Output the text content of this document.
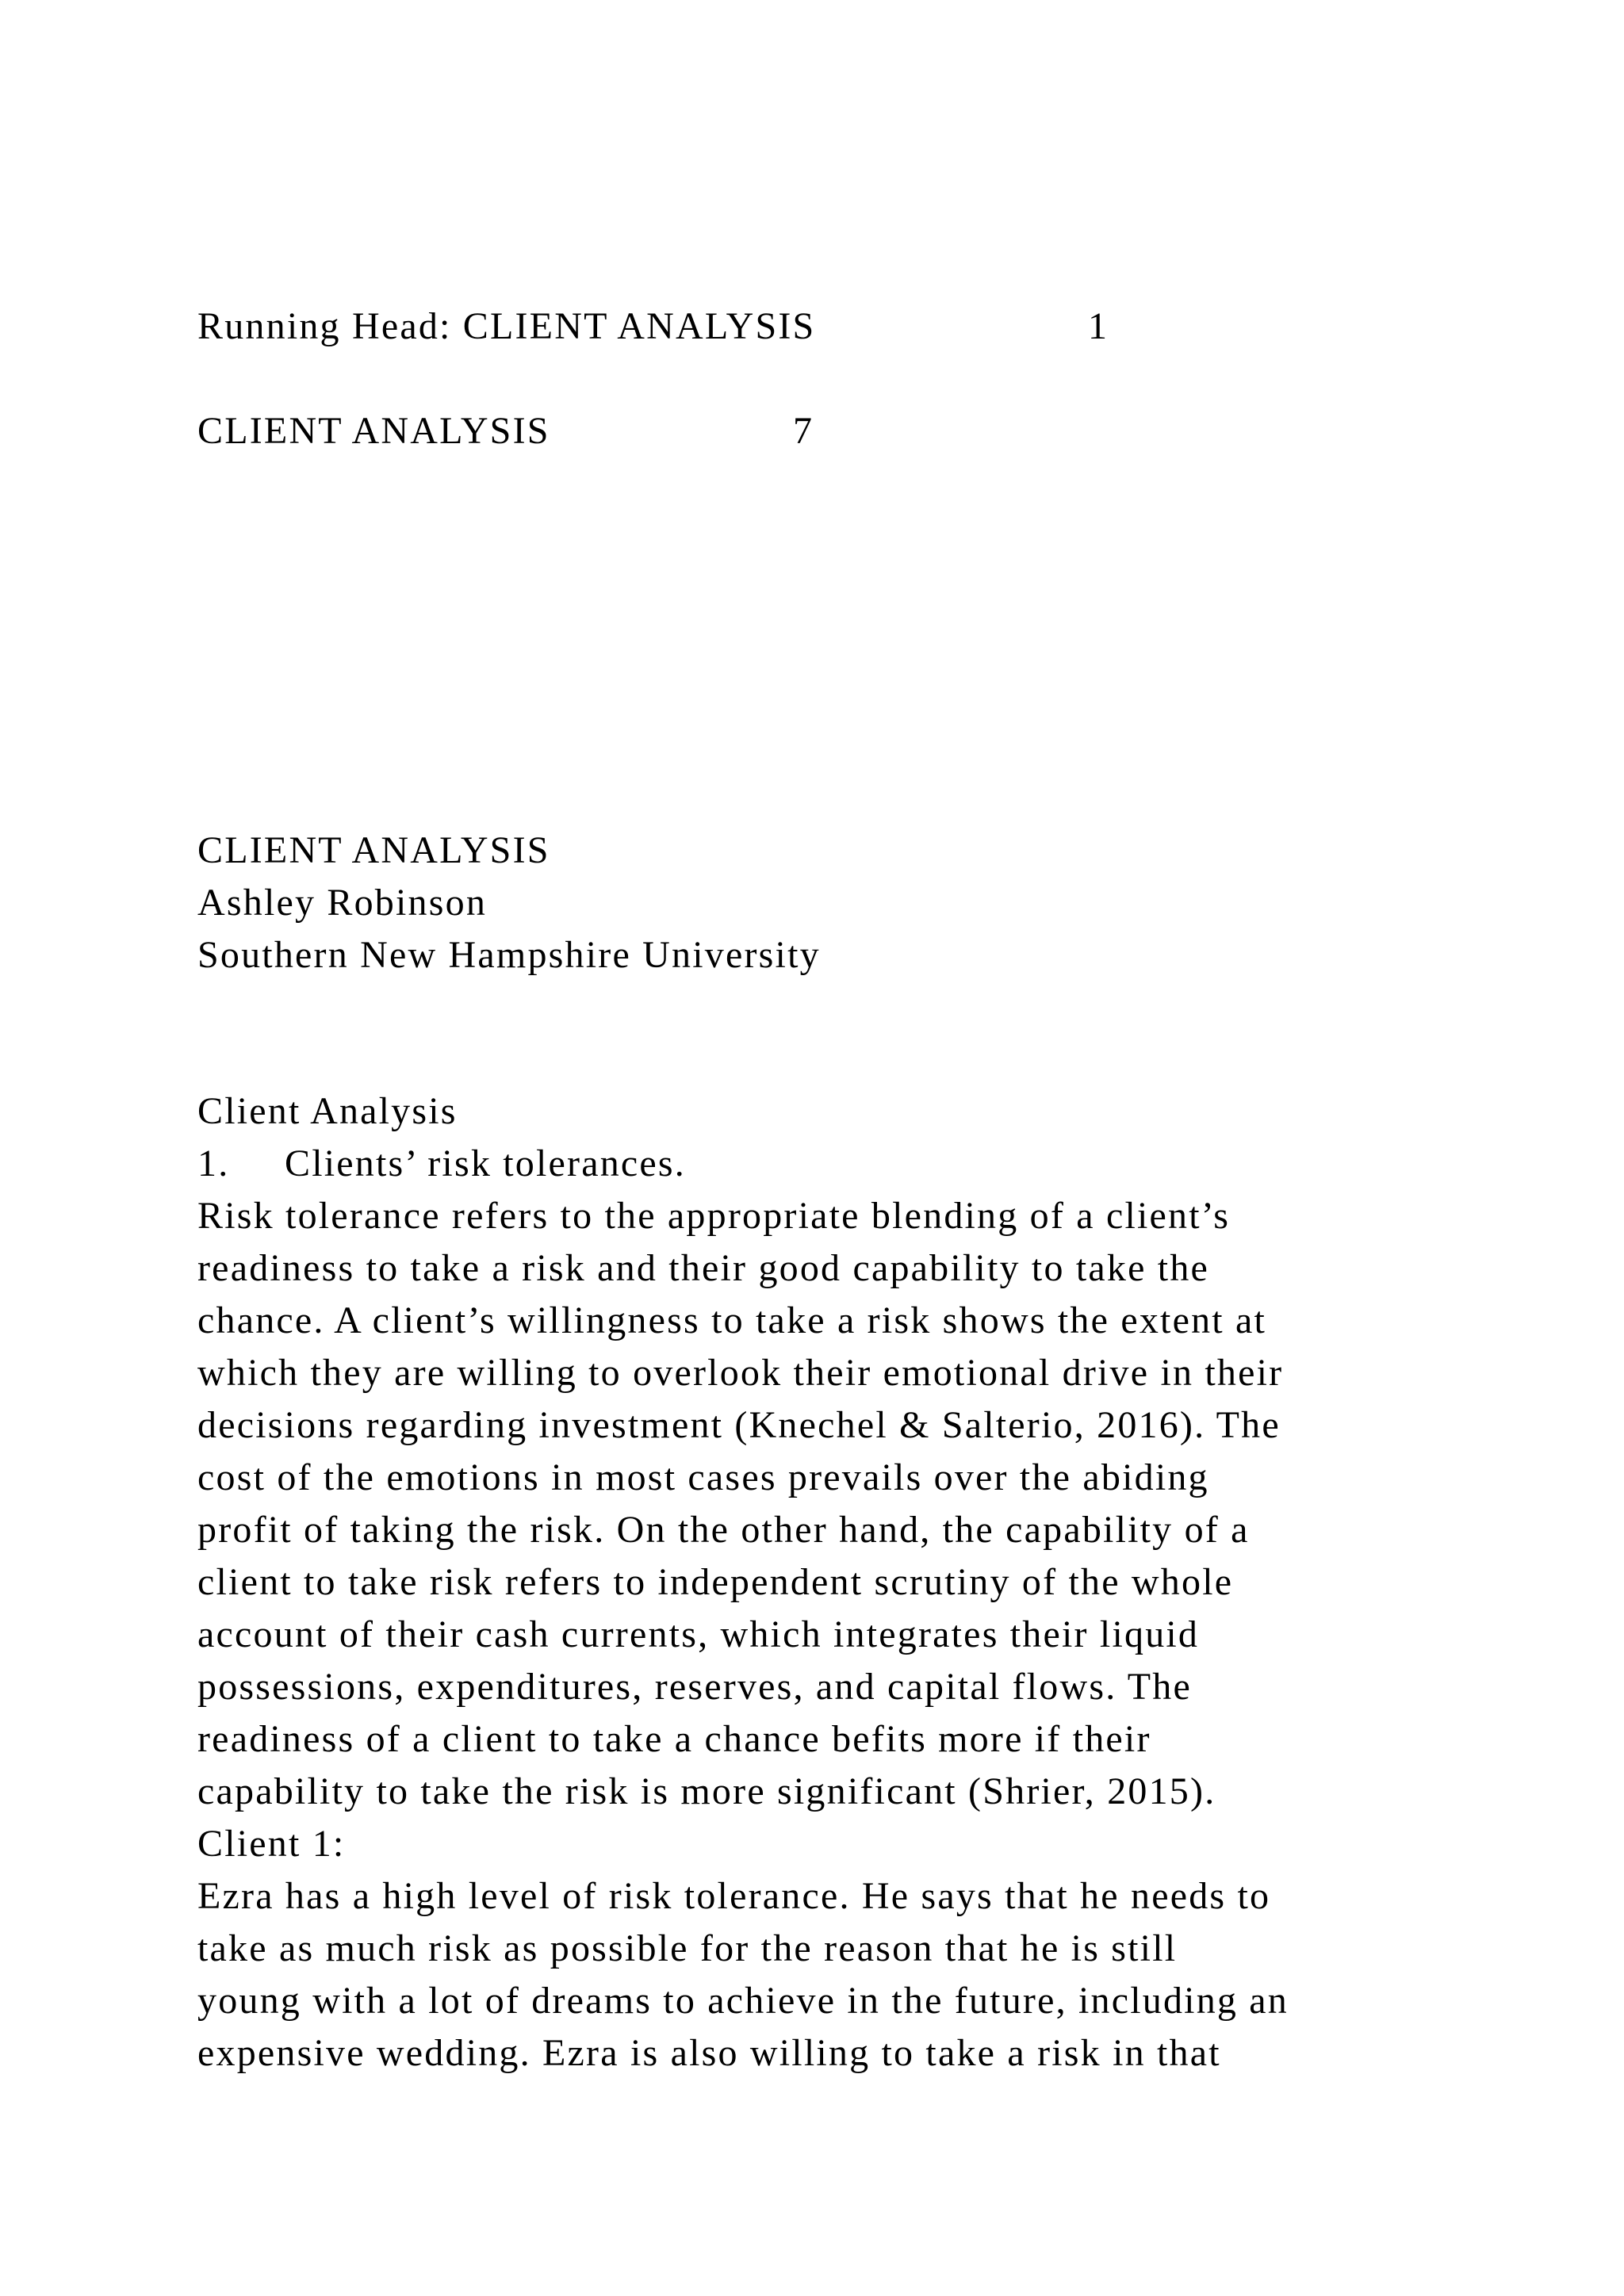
Running Head: CLIENT ANALYSIS	1
CLIENT ANALYSIS	7
CLIENT ANALYSIS
Ashley Robinson
Southern New Hampshire University
Client Analysis
1. Clients’ risk tolerances.
Risk tolerance refers to the appropriate blending of a client’s
readiness to take a risk and their good capability to take the
chance. A client’s willingness to take a risk shows the extent at
which they are willing to overlook their emotional drive in their
decisions regarding investment (Knechel & Salterio, 2016). The
cost of the emotions in most cases prevails over the abiding
profit of taking the risk. On the other hand, the capability of a
client to take risk refers to independent scrutiny of the whole
account of their cash currents, which integrates their liquid
possessions, expenditures, reserves, and capital flows. The
readiness of a client to take a chance befits more if their
capability to take the risk is more significant (Shrier, 2015).
Client 1:
Ezra has a high level of risk tolerance. He says that he needs to
take as much risk as possible for the reason that he is still
young with a lot of dreams to achieve in the future, including an
expensive wedding. Ezra is also willing to take a risk in that
